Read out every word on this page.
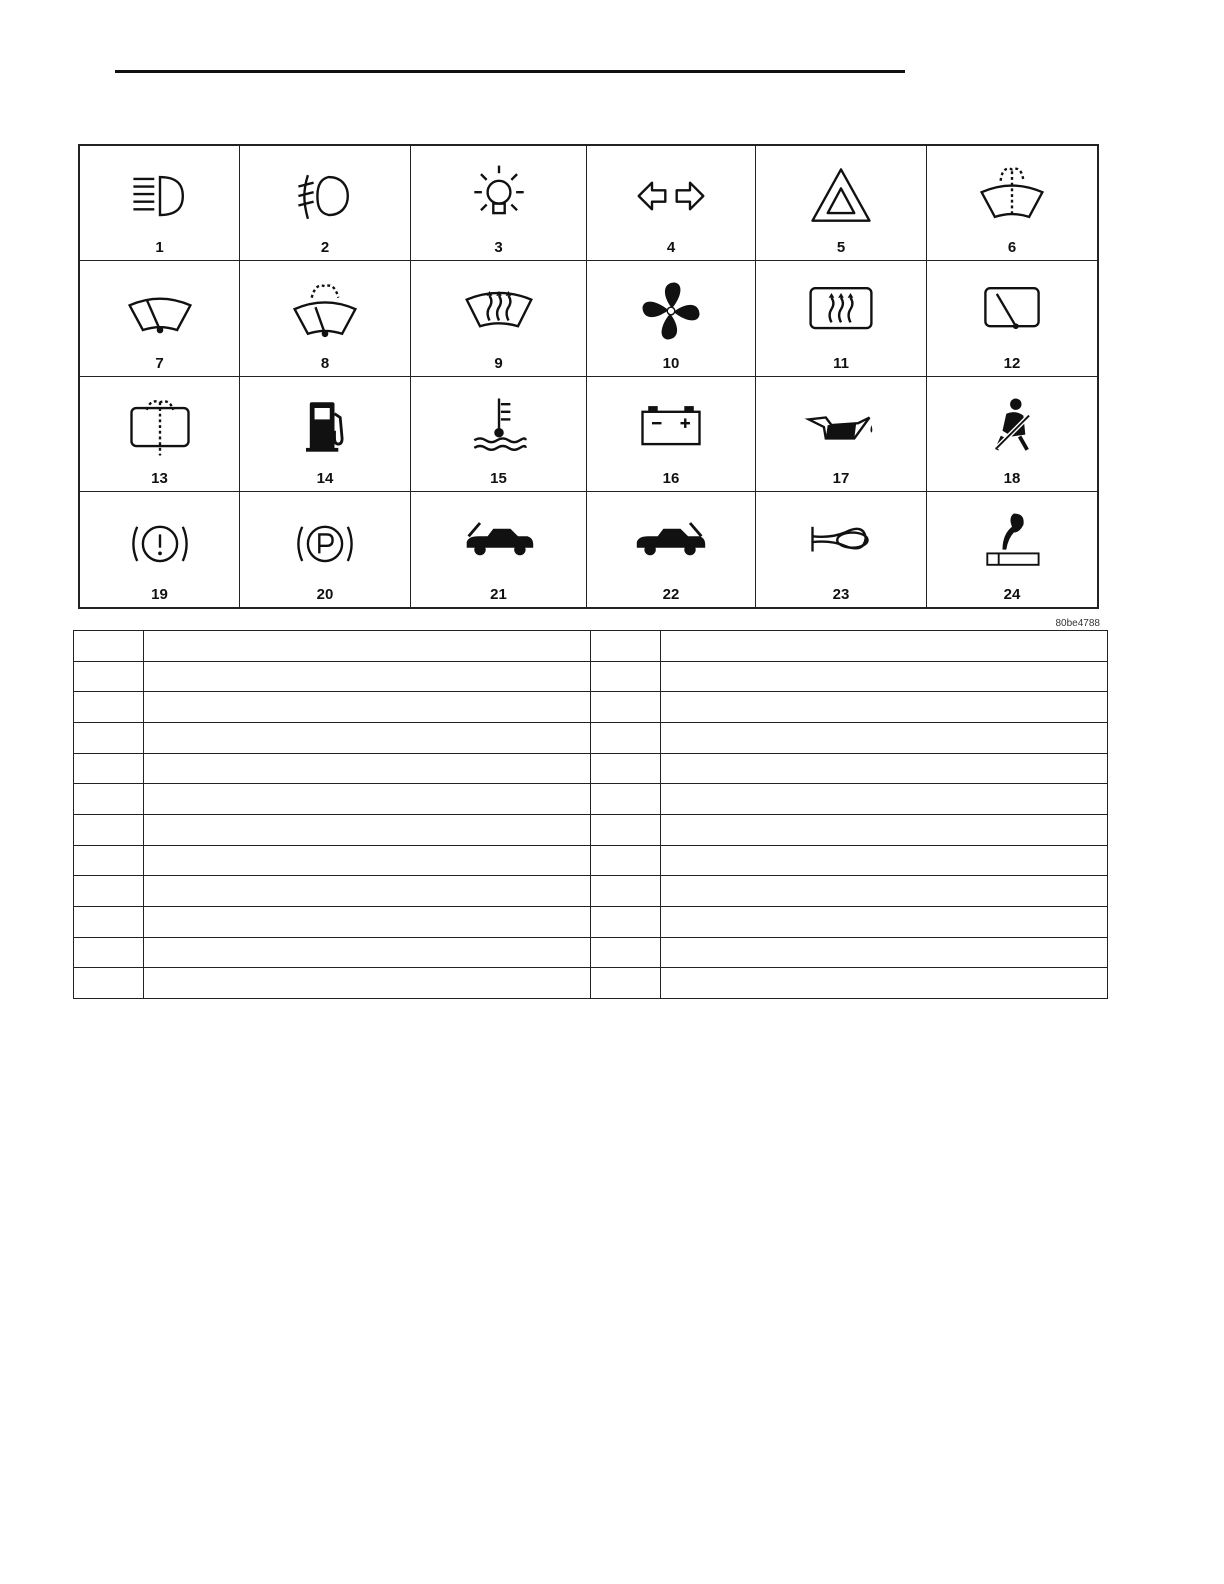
1	2	3	4	5	6
7	8	9	10	11	12
13	14	15	16	17	18
19	20	21	22	23	24
80be4788
